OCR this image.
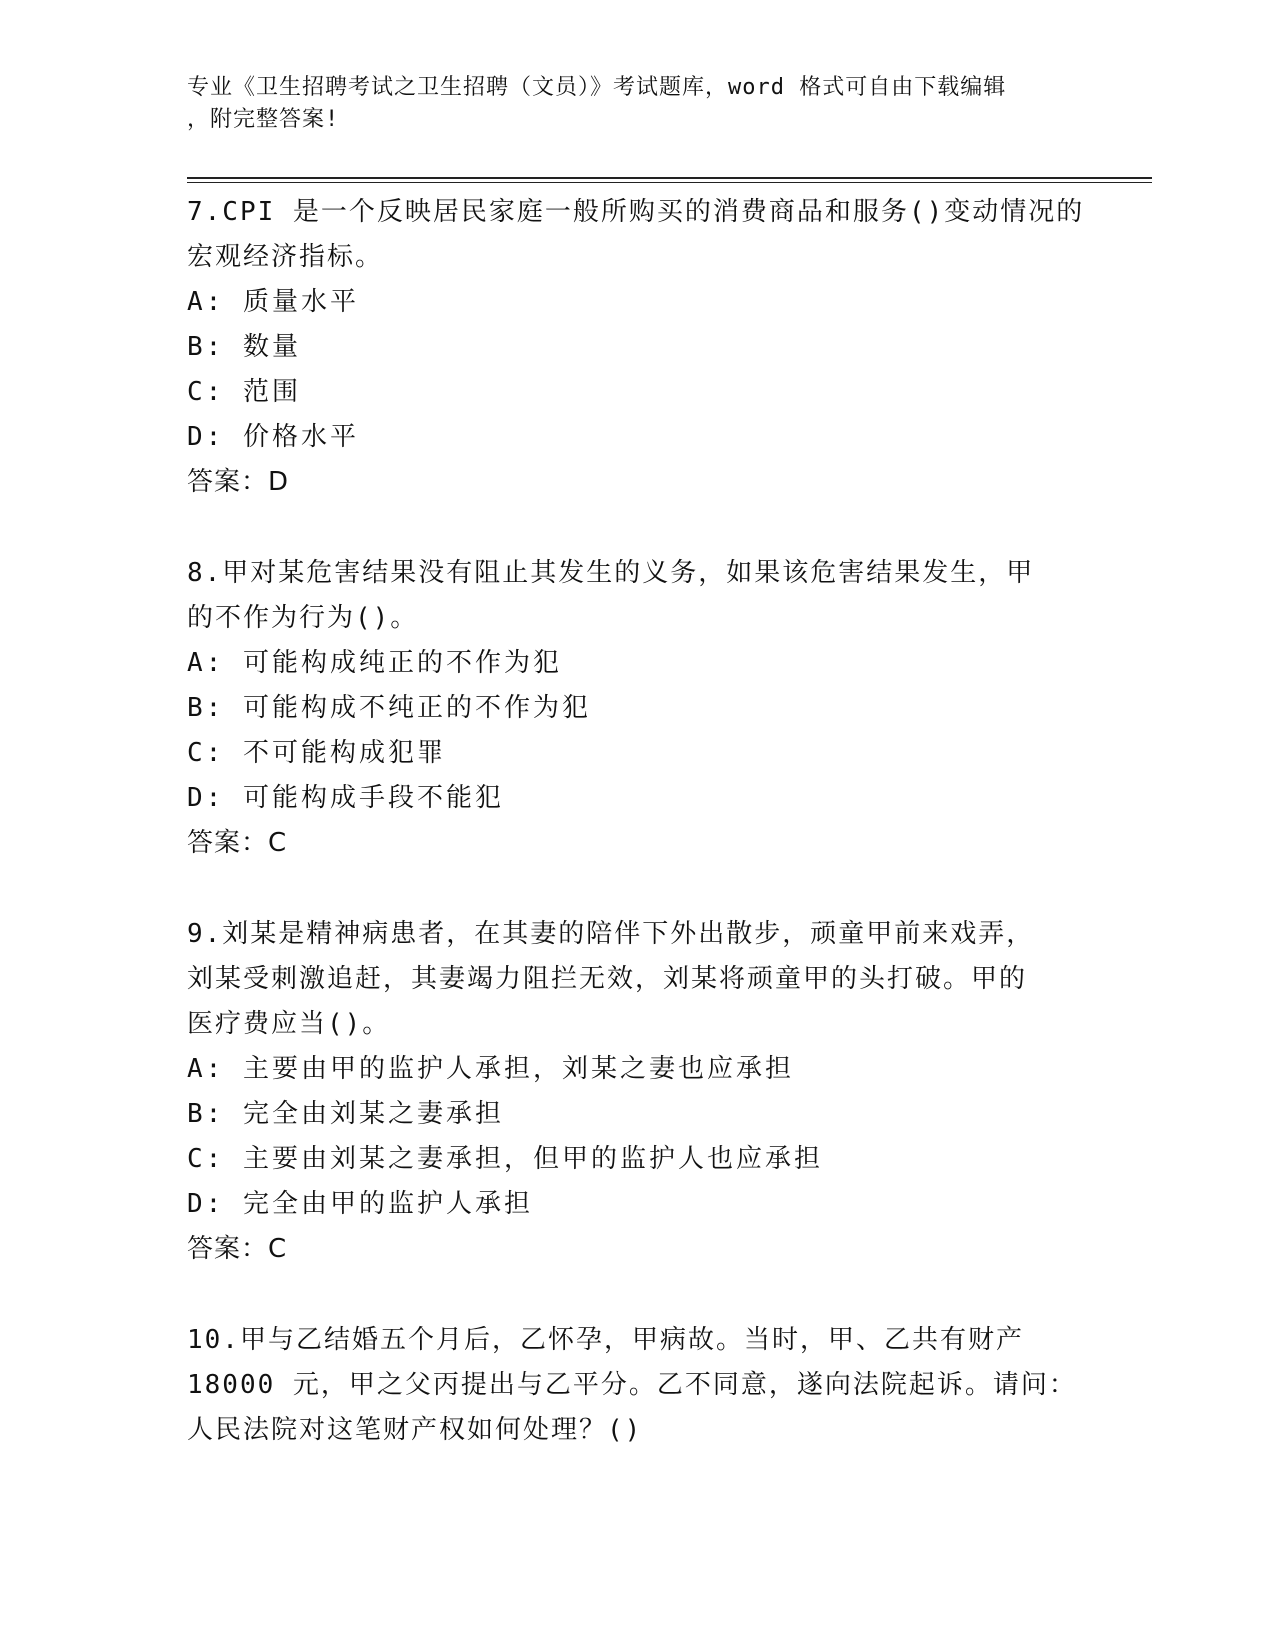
专业《卫生招聘考试之卫生招聘（文员）》考试题库，word 格式可自由下载编辑
，附完整答案!
7.CPI 是一个反映居民家庭一般所购买的消费商品和服务()变动情况的
宏观经济指标。
A: 质量水平
B: 数量
C: 范围
D: 价格水平
答案：D
8.甲对某危害结果没有阻止其发生的义务，如果该危害结果发生，甲
的不作为行为()。
A: 可能构成纯正的不作为犯
B: 可能构成不纯正的不作为犯
C: 不可能构成犯罪
D: 可能构成手段不能犯
答案：C
9.刘某是精神病患者，在其妻的陪伴下外出散步，顽童甲前来戏弄，
刘某受刺激追赶，其妻竭力阻拦无效，刘某将顽童甲的头打破。甲的
医疗费应当()。
A: 主要由甲的监护人承担，刘某之妻也应承担
B: 完全由刘某之妻承担
C: 主要由刘某之妻承担，但甲的监护人也应承担
D: 完全由甲的监护人承担
答案：C
10.甲与乙结婚五个月后，乙怀孕，甲病故。当时，甲、乙共有财产
18000 元，甲之父丙提出与乙平分。乙不同意，遂向法院起诉。请问：
人民法院对这笔财产权如何处理？()
